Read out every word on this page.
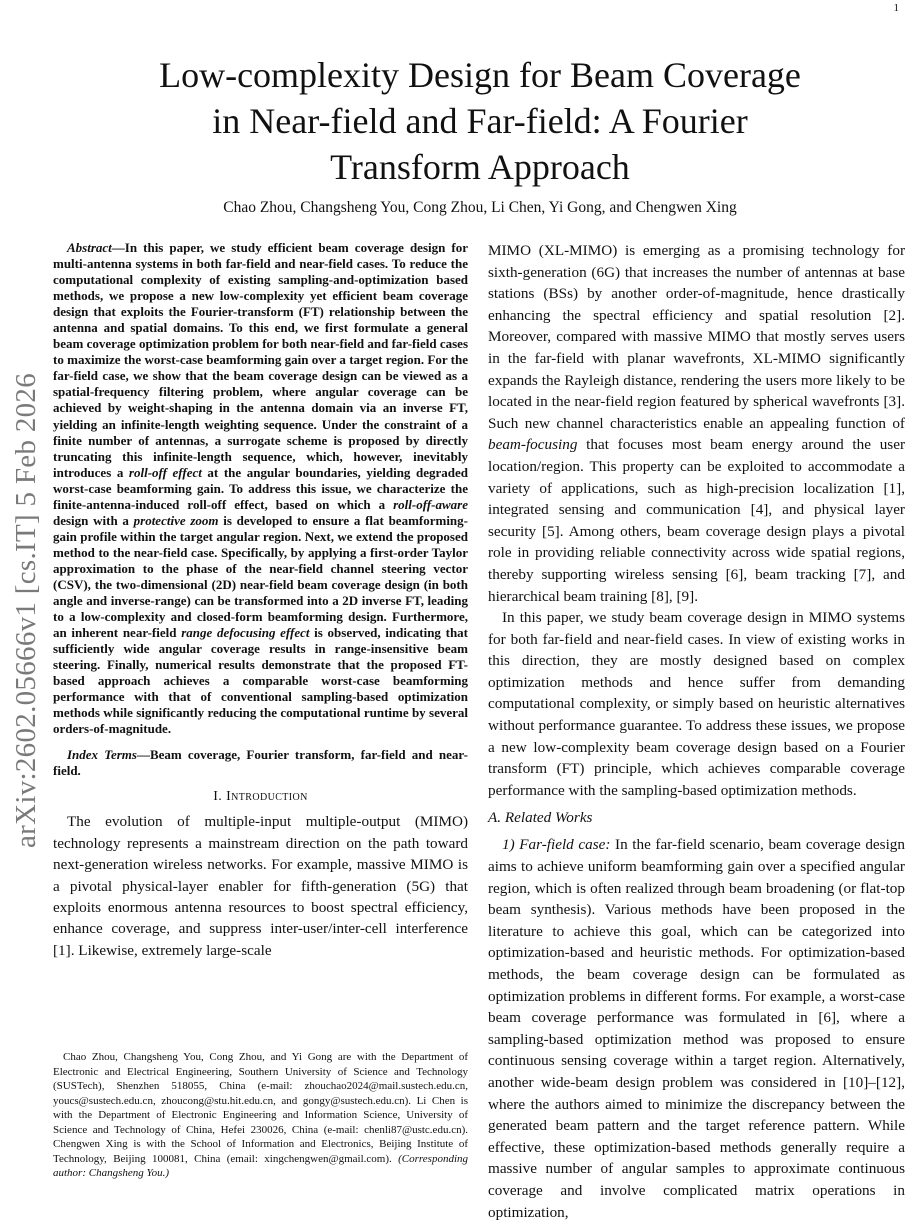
1
arXiv:2602.05666v1 [cs.IT] 5 Feb 2026
Low-complexity Design for Beam Coverage
in Near-field and Far-field: A Fourier
Transform Approach
Chao Zhou, Changsheng You, Cong Zhou, Li Chen, Yi Gong, and Chengwen Xing

Abstract—In this paper, we study efficient beam coverage design for multi-antenna systems in both far-field and near-field cases. To reduce the computational complexity of existing sampling-and-optimization based methods, we propose a new low-complexity yet efficient beam coverage design that exploits the Fourier-transform (FT) relationship between the antenna and spatial domains. To this end, we first formulate a general beam coverage optimization problem for both near-field and far-field cases to maximize the worst-case beamforming gain over a target region. For the far-field case, we show that the beam coverage design can be viewed as a spatial-frequency filtering problem, where angular coverage can be achieved by weight-shaping in the antenna domain via an inverse FT, yielding an infinite-length weighting sequence. Under the constraint of a finite number of antennas, a surrogate scheme is proposed by directly truncating this infinite-length sequence, which, however, inevitably introduces a roll-off effect at the angular boundaries, yielding degraded worst-case beamforming gain. To address this issue, we characterize the finite-antenna-induced roll-off effect, based on which a roll-off-aware design with a protective zoom is developed to ensure a flat beamforming-gain profile within the target angular region. Next, we extend the proposed method to the near-field case. Specifically, by applying a first-order Taylor approximation to the phase of the near-field channel steering vector (CSV), the two-dimensional (2D) near-field beam coverage design (in both angle and inverse-range) can be transformed into a 2D inverse FT, leading to a low-complexity and closed-form beamforming design. Furthermore, an inherent near-field range defocusing effect is observed, indicating that sufficiently wide angular coverage results in range-insensitive beam steering. Finally, numerical results demonstrate that the proposed FT-based approach achieves a comparable worst-case beamforming performance with that of conventional sampling-based optimization methods while significantly reducing the computational runtime by several orders-of-magnitude.

Index Terms—Beam coverage, Fourier transform, far-field and near-field.

I. Introduction

The evolution of multiple-input multiple-output (MIMO) technology represents a mainstream direction on the path toward next-generation wireless networks. For example, massive MIMO is a pivotal physical-layer enabler for fifth-generation (5G) that exploits enormous antenna resources to boost spectral efficiency, enhance coverage, and suppress inter-user/inter-cell interference [1]. Likewise, extremely large-scale

Chao Zhou, Changsheng You, Cong Zhou, and Yi Gong are with the Department of Electronic and Electrical Engineering, Southern University of Science and Technology (SUSTech), Shenzhen 518055, China (e-mail: zhouchao2024@mail.sustech.edu.cn, youcs@sustech.edu.cn, zhoucong@stu.hit.edu.cn, and gongy@sustech.edu.cn). Li Chen is with the Department of Electronic Engineering and Information Science, University of Science and Technology of China, Hefei 230026, China (e-mail: chenli87@ustc.edu.cn). Chengwen Xing is with the School of Information and Electronics, Beijing Institute of Technology, Beijing 100081, China (email: xingchengwen@gmail.com). (Corresponding author: Changsheng You.)

MIMO (XL-MIMO) is emerging as a promising technology for sixth-generation (6G) that increases the number of antennas at base stations (BSs) by another order-of-magnitude, hence drastically enhancing the spectral efficiency and spatial resolution [2]. Moreover, compared with massive MIMO that mostly serves users in the far-field with planar wavefronts, XL-MIMO significantly expands the Rayleigh distance, rendering the users more likely to be located in the near-field region featured by spherical wavefronts [3]. Such new channel characteristics enable an appealing function of beam-focusing that focuses most beam energy around the user location/region. This property can be exploited to accommodate a variety of applications, such as high-precision localization [1], integrated sensing and communication [4], and physical layer security [5]. Among others, beam coverage design plays a pivotal role in providing reliable connectivity across wide spatial regions, thereby supporting wireless sensing [6], beam tracking [7], and hierarchical beam training [8], [9].

In this paper, we study beam coverage design in MIMO systems for both far-field and near-field cases. In view of existing works in this direction, they are mostly designed based on complex optimization methods and hence suffer from demanding computational complexity, or simply based on heuristic alternatives without performance guarantee. To address these issues, we propose a new low-complexity beam coverage design based on a Fourier transform (FT) principle, which achieves comparable coverage performance with the sampling-based optimization methods.

A. Related Works

1) Far-field case: In the far-field scenario, beam coverage design aims to achieve uniform beamforming gain over a specified angular region, which is often realized through beam broadening (or flat-top beam synthesis). Various methods have been proposed in the literature to achieve this goal, which can be categorized into optimization-based and heuristic methods. For optimization-based methods, the beam coverage design can be formulated as optimization problems in different forms. For example, a worst-case beam coverage performance was formulated in [6], where a sampling-based optimization method was proposed to ensure continuous sensing coverage within a target region. Alternatively, another wide-beam design problem was considered in [10]–[12], where the authors aimed to minimize the discrepancy between the generated beam pattern and the target reference pattern. While effective, these optimization-based methods generally require a massive number of angular samples to approximate continuous coverage and involve complicated matrix operations in optimization,
